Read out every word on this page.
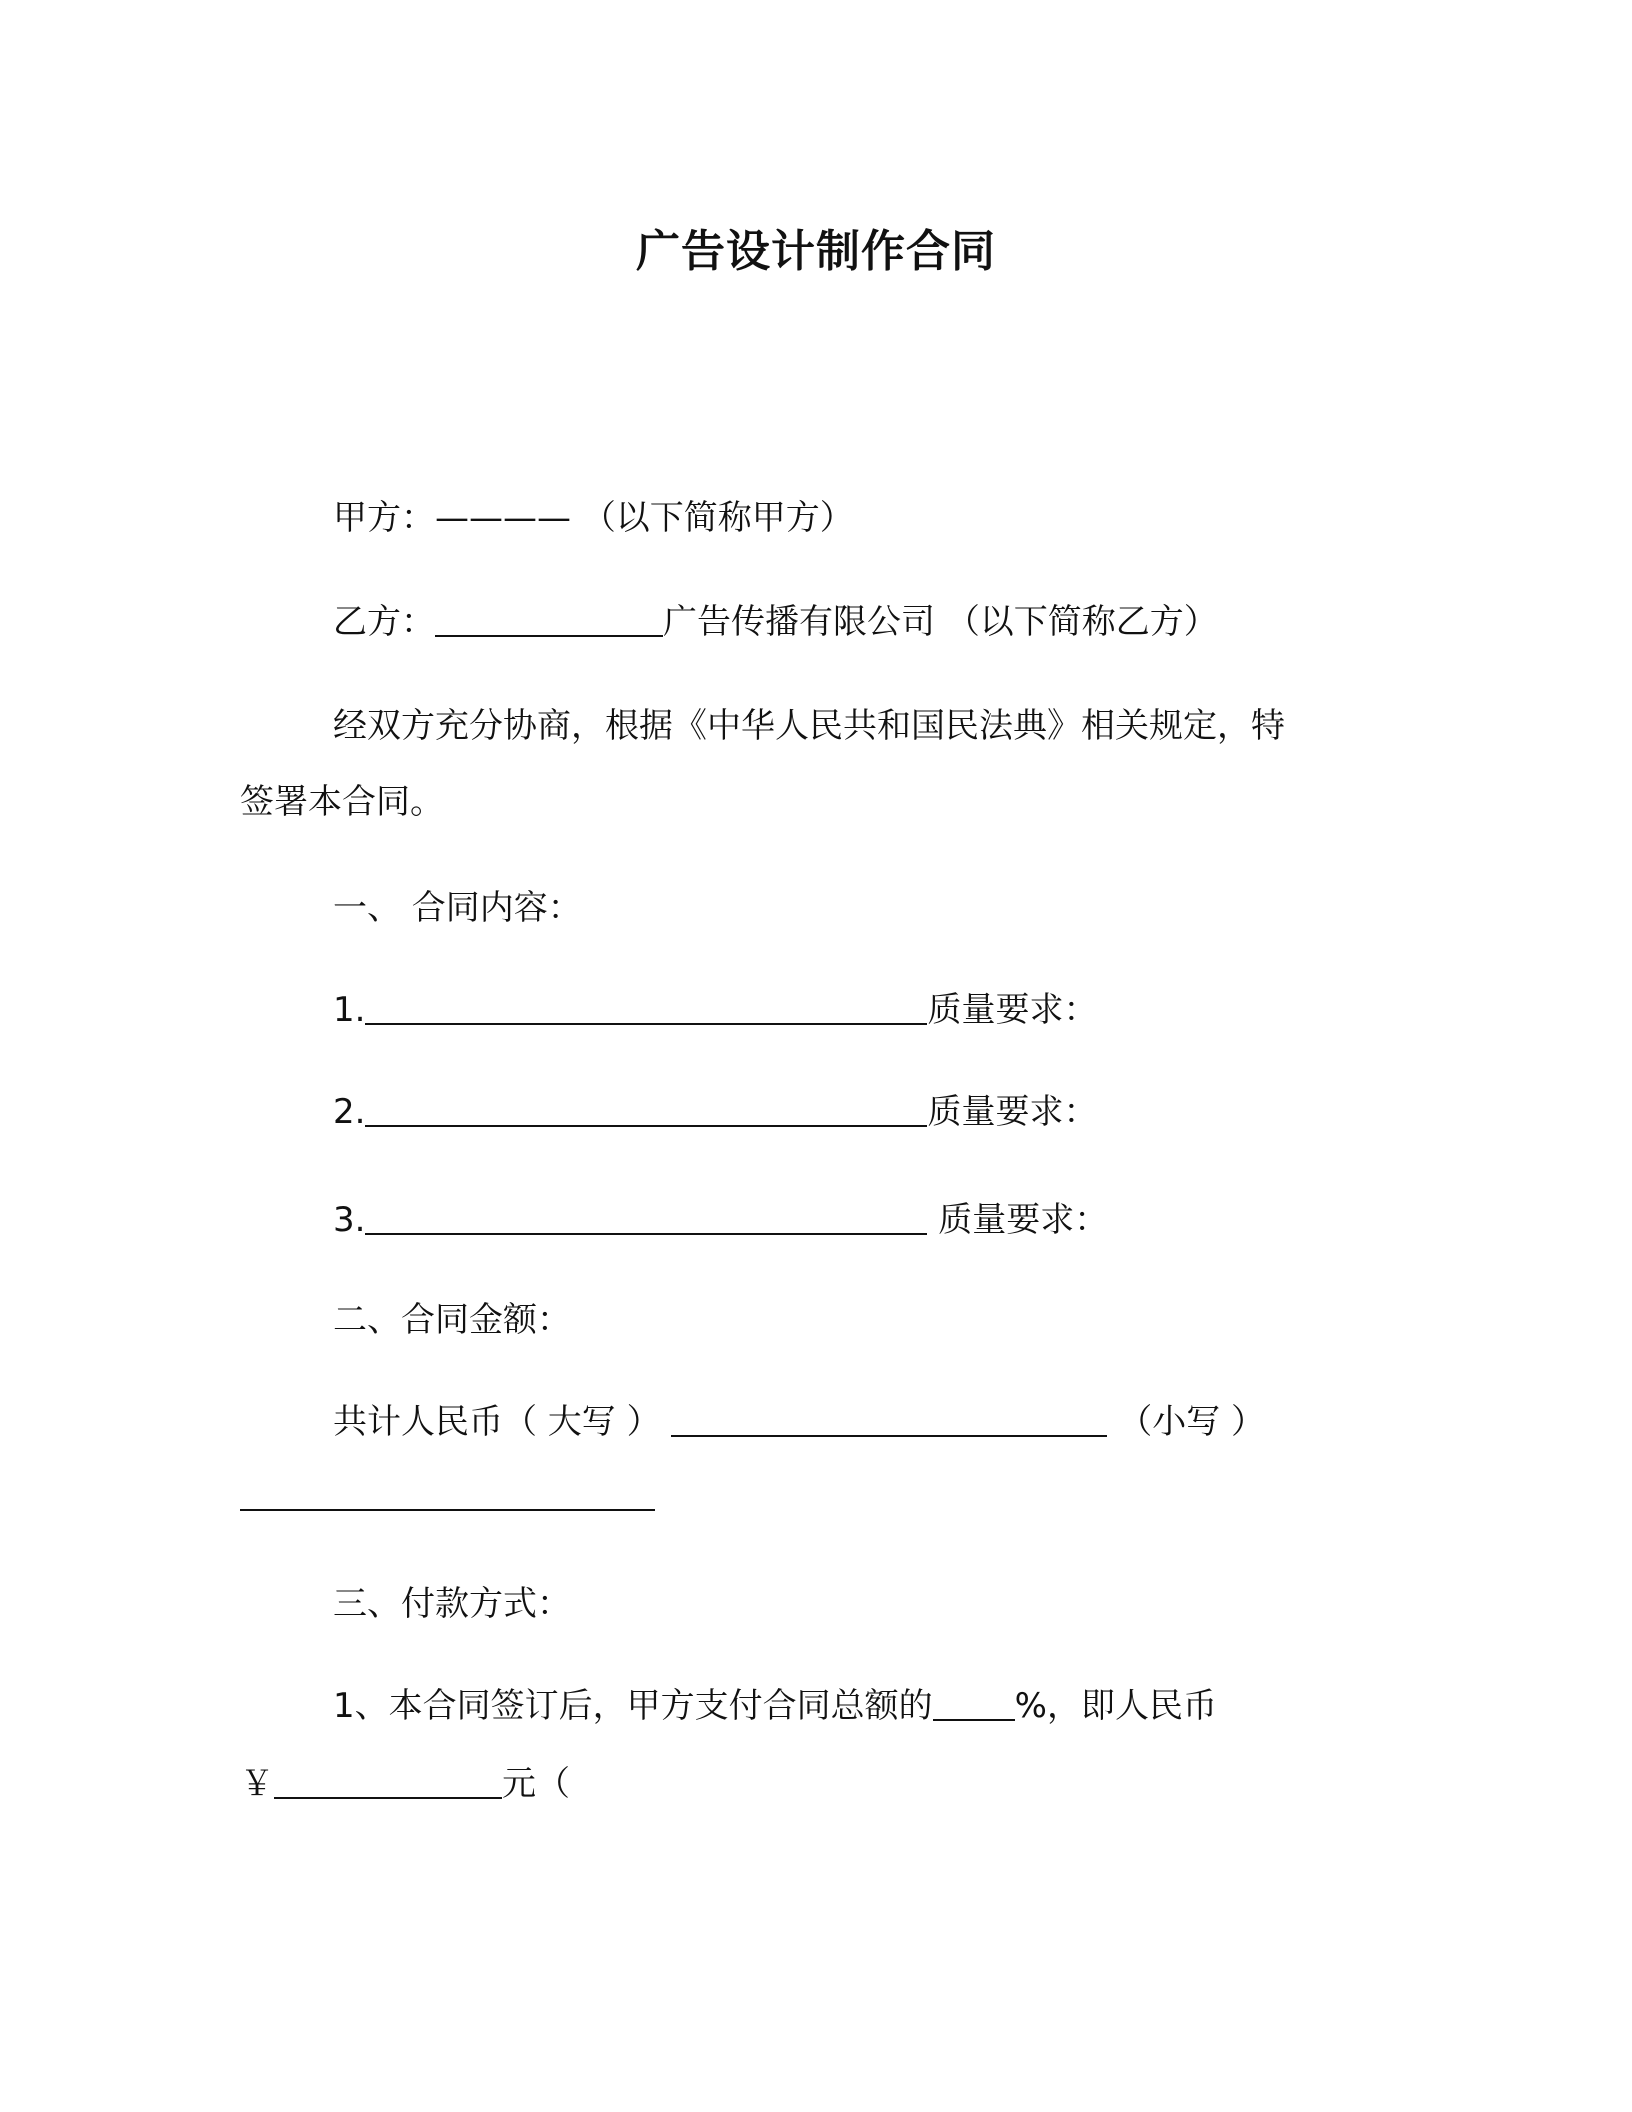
广告设计制作合同
甲方：———— （以下简称甲方）
乙方：	广告传播有限公司 （以下简称乙方）
经双方充分协商，根据《中华人民共和国民法典》相关规定，特
签署本合同。
一、 合同内容：
1.	质量要求：
2.	质量要求：
3.	质量要求：
二、合同金额：
共计人民币（ 大写 ）	（小写 ）
三、付款方式：
1、本合同签订后，甲方支付合同总额的 %，即人民币
￥	元（
